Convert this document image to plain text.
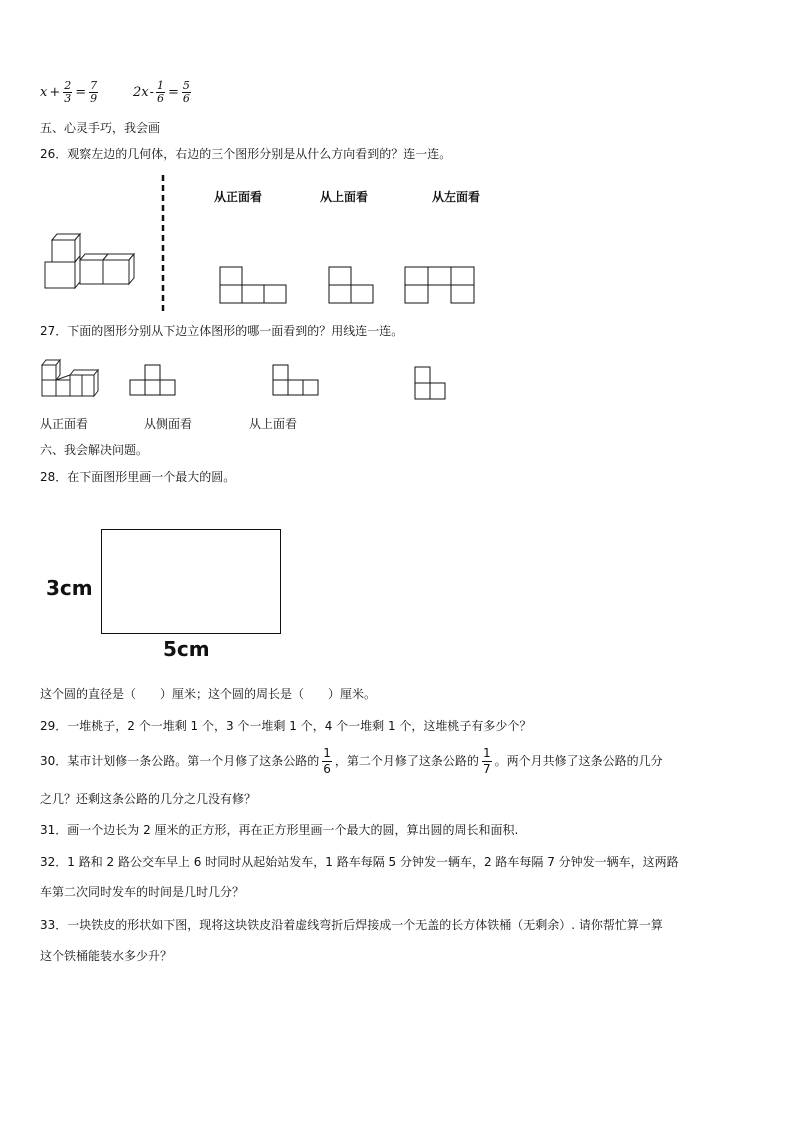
$x + \frac{2}{3} = \frac{7}{9}$	$2x - \frac{1}{6} = \frac{5}{6}$
五、心灵手巧，我会画
26．观察左边的几何体，右边的三个图形分别是从什么方向看到的？连一连。
从正面看	从上面看	从左面看
27．下面的图形分别从下边立体图形的哪一面看到的？用线连一连。
从正面看	从侧面看	从上面看
六、我会解决问题。
28．在下面图形里画一个最大的圆。
3cm
5cm
这个圆的直径是（　　）厘米；这个圆的周长是（　　）厘米。
29．一堆桃子，2 个一堆剩 1 个，3 个一堆剩 1 个，4 个一堆剩 1 个，这堆桃子有多少个？
30．某市计划修一条公路。第一个月修了这条公路的 $\frac{1}{6}$ ，第二个月修了这条公路的 $\frac{1}{7}$ 。两个月共修了这条公路的几分
之几？还剩这条公路的几分之几没有修？
31．画一个边长为 2 厘米的正方形，再在正方形里画一个最大的圆，算出圆的周长和面积.
32．1 路和 2 路公交车早上 6 时同时从起始站发车，1 路车每隔 5 分钟发一辆车，2 路车每隔 7 分钟发一辆车，这两路
车第二次同时发车的时间是几时几分？
33．一块铁皮的形状如下图，现将这块铁皮沿着虚线弯折后焊接成一个无盖的长方体铁桶（无剩余）. 请你帮忙算一算
这个铁桶能装水多少升？
